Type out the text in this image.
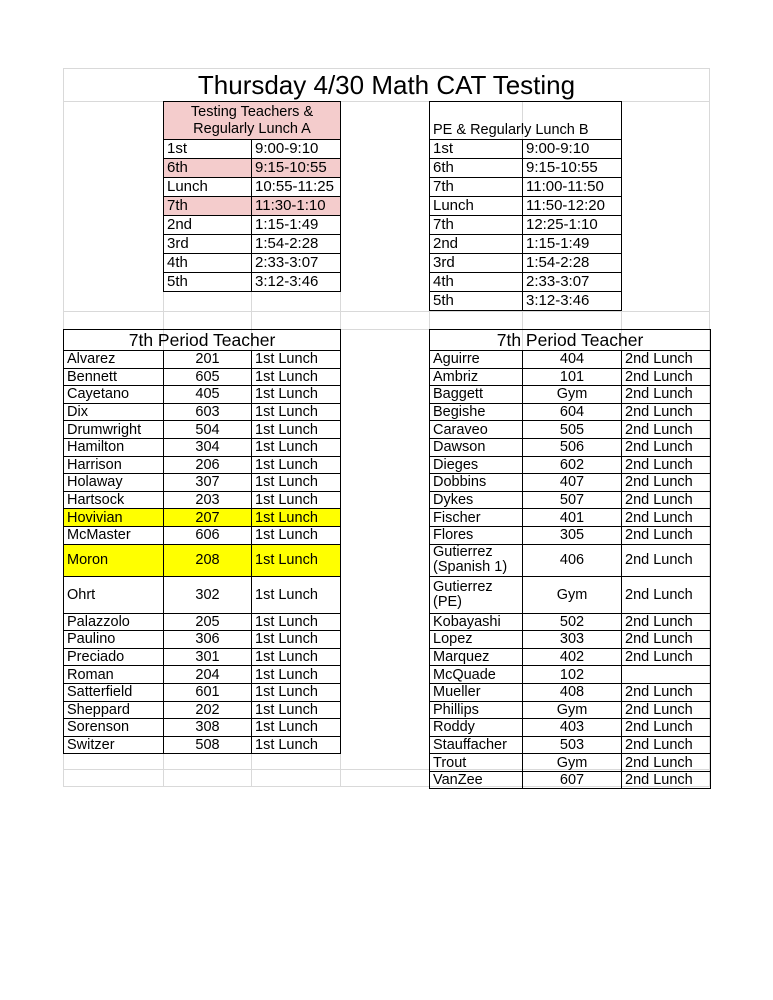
Thursday 4/30 Math CAT Testing
Testing Teachers & Regularly Lunch A	
1st	9:00-9:10
6th	9:15-10:55
Lunch	10:55-11:25
7th	11:30-1:10
2nd	1:15-1:49
3rd	1:54-2:28
4th	2:33-3:07
5th	3:12-3:46
PE & Regularly Lunch B	
1st	9:00-9:10
6th	9:15-10:55
7th	11:00-11:50
Lunch	11:50-12:20
7th	12:25-1:10
2nd	1:15-1:49
3rd	1:54-2:28
4th	2:33-3:07
5th	3:12-3:46
7th Period Teacher		
Alvarez	201	1st Lunch
Bennett	605	1st Lunch
Cayetano	405	1st Lunch
Dix	603	1st Lunch
Drumwright	504	1st Lunch
Hamilton	304	1st Lunch
Harrison	206	1st Lunch
Holaway	307	1st Lunch
Hartsock	203	1st Lunch
Hovivian	207	1st Lunch
McMaster	606	1st Lunch
Moron	208	1st Lunch
Ohrt	302	1st Lunch
Palazzolo	205	1st Lunch
Paulino	306	1st Lunch
Preciado	301	1st Lunch
Roman	204	1st Lunch
Satterfield	601	1st Lunch
Sheppard	202	1st Lunch
Sorenson	308	1st Lunch
Switzer	508	1st Lunch
7th Period Teacher		
Aguirre	404	2nd Lunch
Ambriz	101	2nd Lunch
Baggett	Gym	2nd Lunch
Begishe	604	2nd Lunch
Caraveo	505	2nd Lunch
Dawson	506	2nd Lunch
Dieges	602	2nd Lunch
Dobbins	407	2nd Lunch
Dykes	507	2nd Lunch
Fischer	401	2nd Lunch
Flores	305	2nd Lunch
Gutierrez (Spanish 1)	406	2nd Lunch
Gutierrez (PE)	Gym	2nd Lunch
Kobayashi	502	2nd Lunch
Lopez	303	2nd Lunch
Marquez	402	2nd Lunch
McQuade	102	
Mueller	408	2nd Lunch
Phillips	Gym	2nd Lunch
Roddy	403	2nd Lunch
Stauffacher	503	2nd Lunch
Trout	Gym	2nd Lunch
VanZee	607	2nd Lunch
